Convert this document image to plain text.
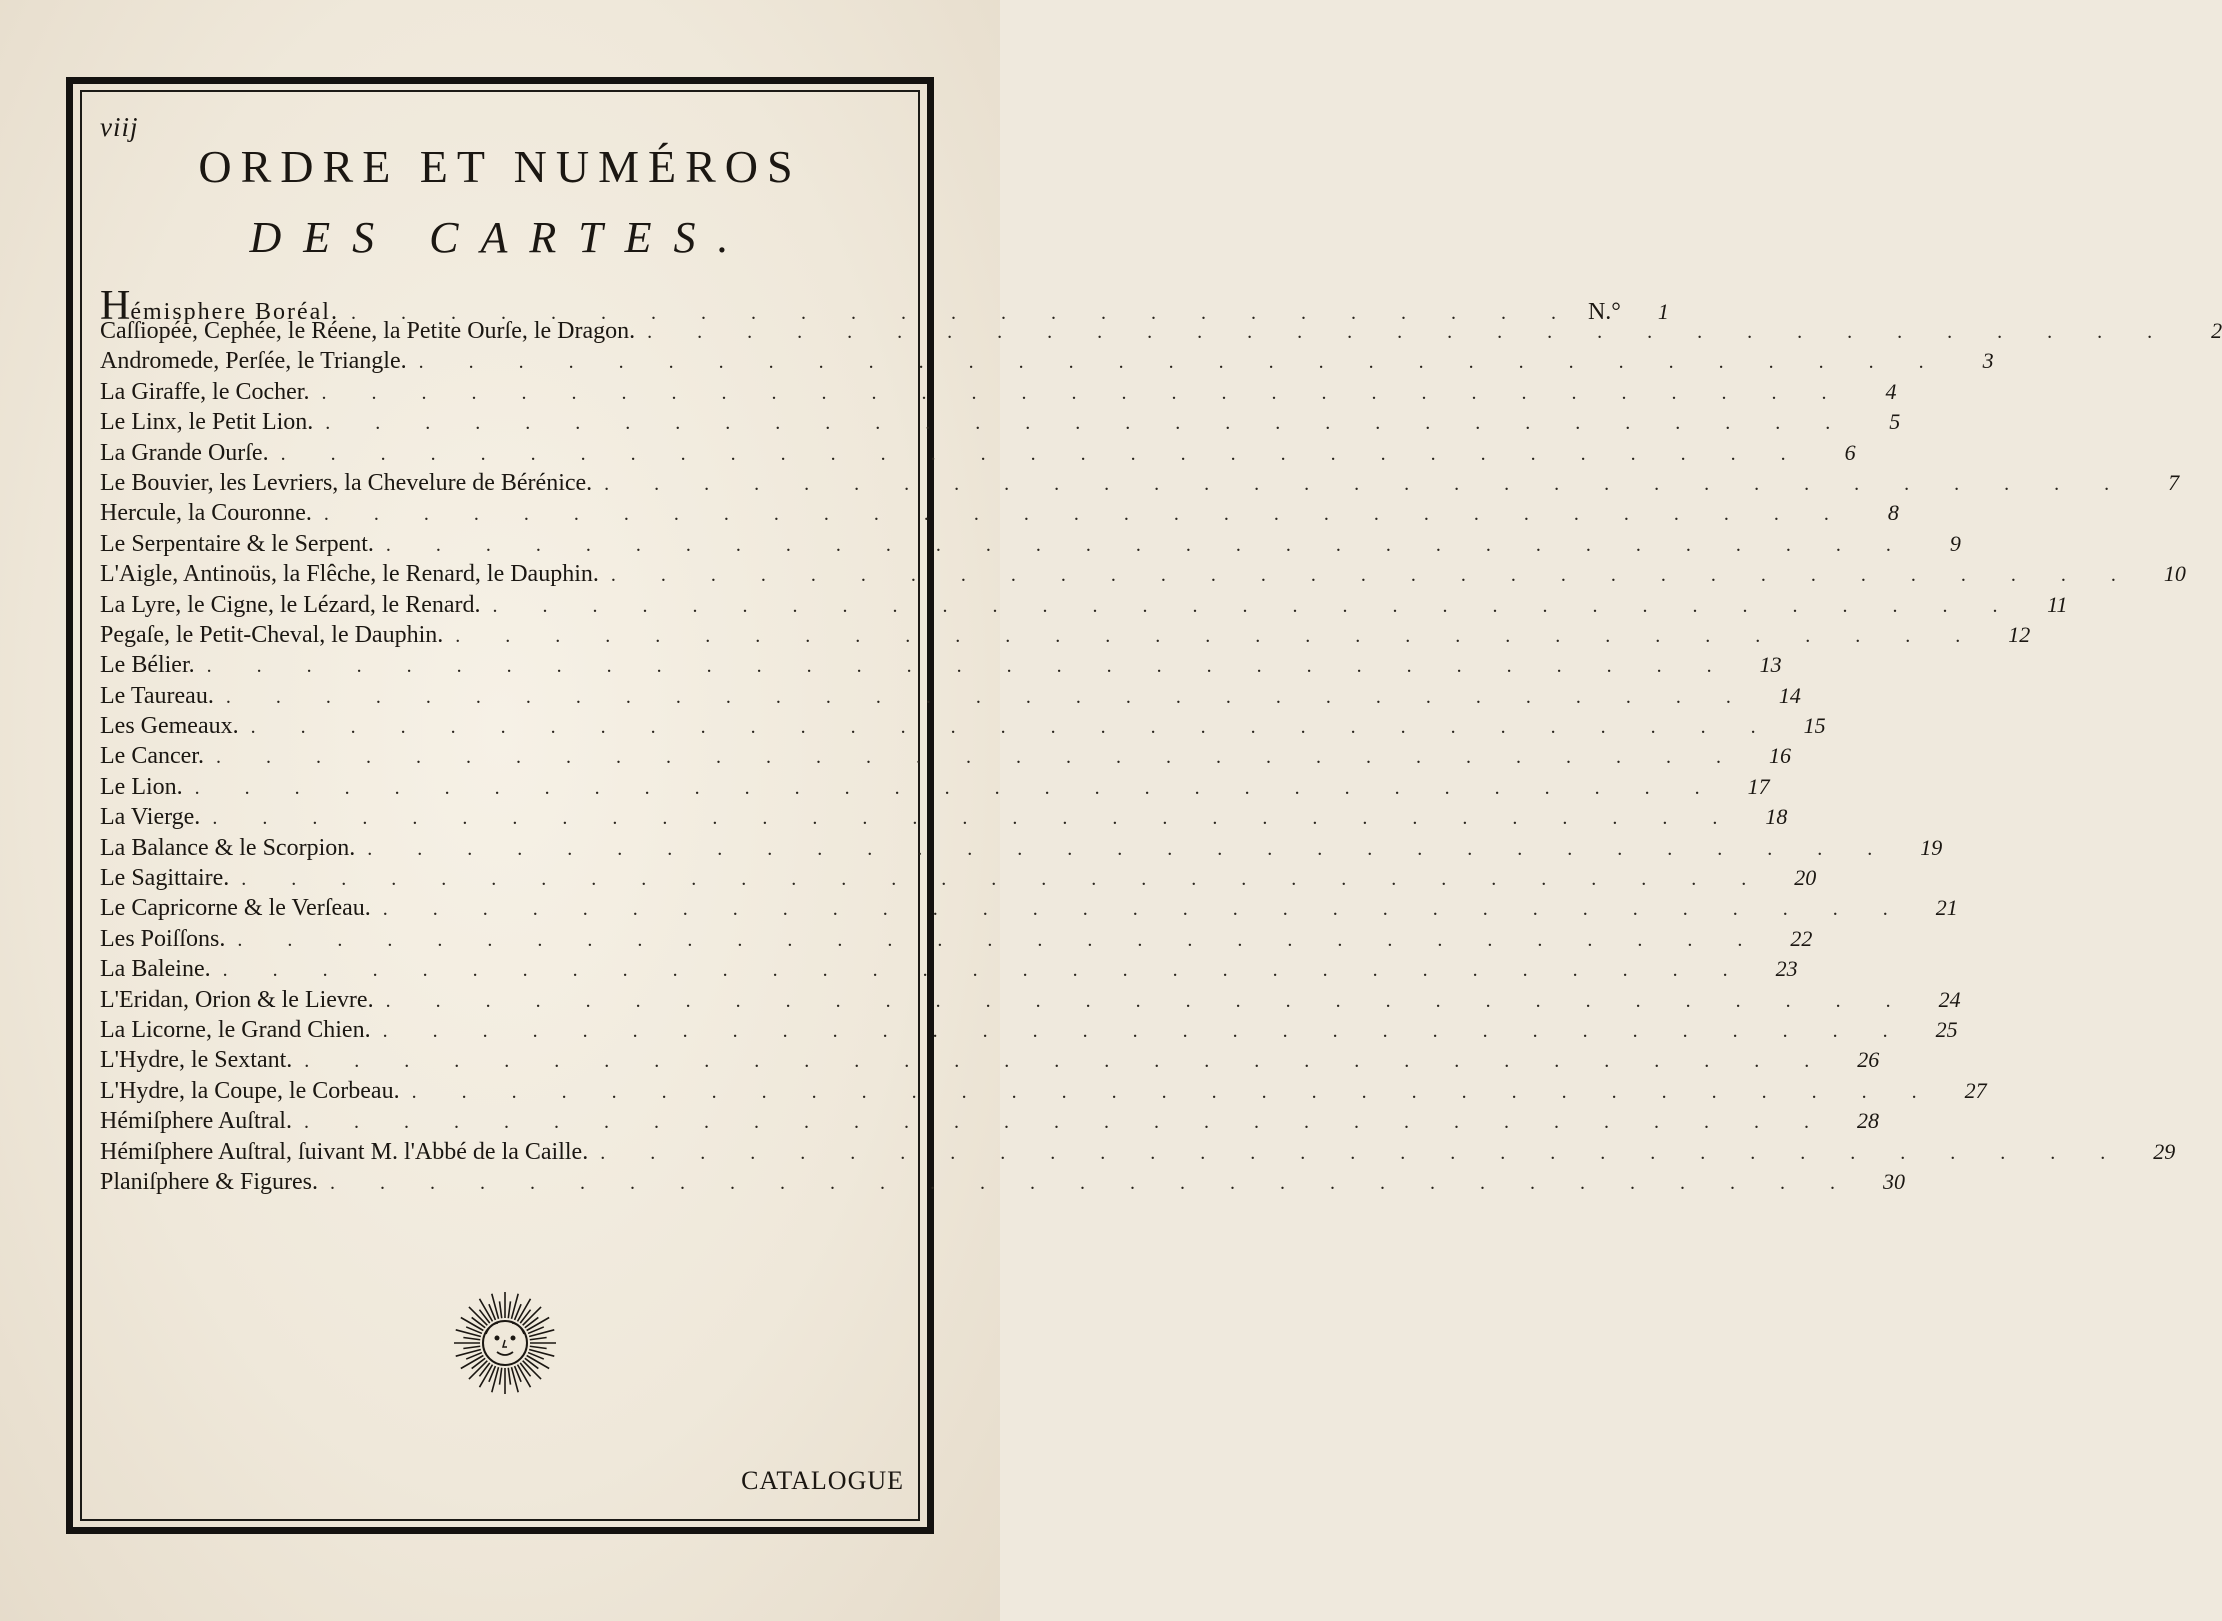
viij
ORDRE ET NUMÉROS
DES CARTES.
Hémisphere Boréal. . . . . . . . . . . . . . . . . . . . . . . . . . N.°	1
Caſſiopée, Cephée, le Réene, la Petite Ourſe, le Dragon. . . . . . . . . . . . . . . . . . . . . . . . . . . . . . . .	2
Andromede, Perſée, le Triangle. . . . . . . . . . . . . . . . . . . . . . . . . . . . . . . .	3
La Giraffe, le Cocher. . . . . . . . . . . . . . . . . . . . . . . . . . . . . . . .	4
Le Linx, le Petit Lion. . . . . . . . . . . . . . . . . . . . . . . . . . . . . . . .	5
La Grande Ourſe. . . . . . . . . . . . . . . . . . . . . . . . . . . . . . . .	6
Le Bouvier, les Levriers, la Chevelure de Bérénice. . . . . . . . . . . . . . . . . . . . . . . . . . . . . . . .	7
Hercule, la Couronne. . . . . . . . . . . . . . . . . . . . . . . . . . . . . . . .	8
Le Serpentaire & le Serpent. . . . . . . . . . . . . . . . . . . . . . . . . . . . . . . .	9
L'Aigle, Antinoüs, la Flêche, le Renard, le Dauphin. . . . . . . . . . . . . . . . . . . . . . . . . . . . . . . .	10
La Lyre, le Cigne, le Lézard, le Renard. . . . . . . . . . . . . . . . . . . . . . . . . . . . . . . .	11
Pegaſe, le Petit-Cheval, le Dauphin. . . . . . . . . . . . . . . . . . . . . . . . . . . . . . . .	12
Le Bélier. . . . . . . . . . . . . . . . . . . . . . . . . . . . . . . .	13
Le Taureau. . . . . . . . . . . . . . . . . . . . . . . . . . . . . . . .	14
Les Gemeaux. . . . . . . . . . . . . . . . . . . . . . . . . . . . . . . .	15
Le Cancer. . . . . . . . . . . . . . . . . . . . . . . . . . . . . . . .	16
Le Lion. . . . . . . . . . . . . . . . . . . . . . . . . . . . . . . .	17
La Vierge. . . . . . . . . . . . . . . . . . . . . . . . . . . . . . . .	18
La Balance & le Scorpion. . . . . . . . . . . . . . . . . . . . . . . . . . . . . . . .	19
Le Sagittaire. . . . . . . . . . . . . . . . . . . . . . . . . . . . . . . .	20
Le Capricorne & le Verſeau. . . . . . . . . . . . . . . . . . . . . . . . . . . . . . . .	21
Les Poiſſons. . . . . . . . . . . . . . . . . . . . . . . . . . . . . . . .	22
La Baleine. . . . . . . . . . . . . . . . . . . . . . . . . . . . . . . .	23
L'Eridan, Orion & le Lievre. . . . . . . . . . . . . . . . . . . . . . . . . . . . . . . .	24
La Licorne, le Grand Chien. . . . . . . . . . . . . . . . . . . . . . . . . . . . . . . .	25
L'Hydre, le Sextant. . . . . . . . . . . . . . . . . . . . . . . . . . . . . . . .	26
L'Hydre, la Coupe, le Corbeau. . . . . . . . . . . . . . . . . . . . . . . . . . . . . . . .	27
Hémiſphere Auſtral. . . . . . . . . . . . . . . . . . . . . . . . . . . . . . . .	28
Hémiſphere Auſtral, ſuivant M. l'Abbé de la Caille. . . . . . . . . . . . . . . . . . . . . . . . . . . . . . . .	29
Planiſphere & Figures. . . . . . . . . . . . . . . . . . . . . . . . . . . . . . . .	30
CATALOGUE
